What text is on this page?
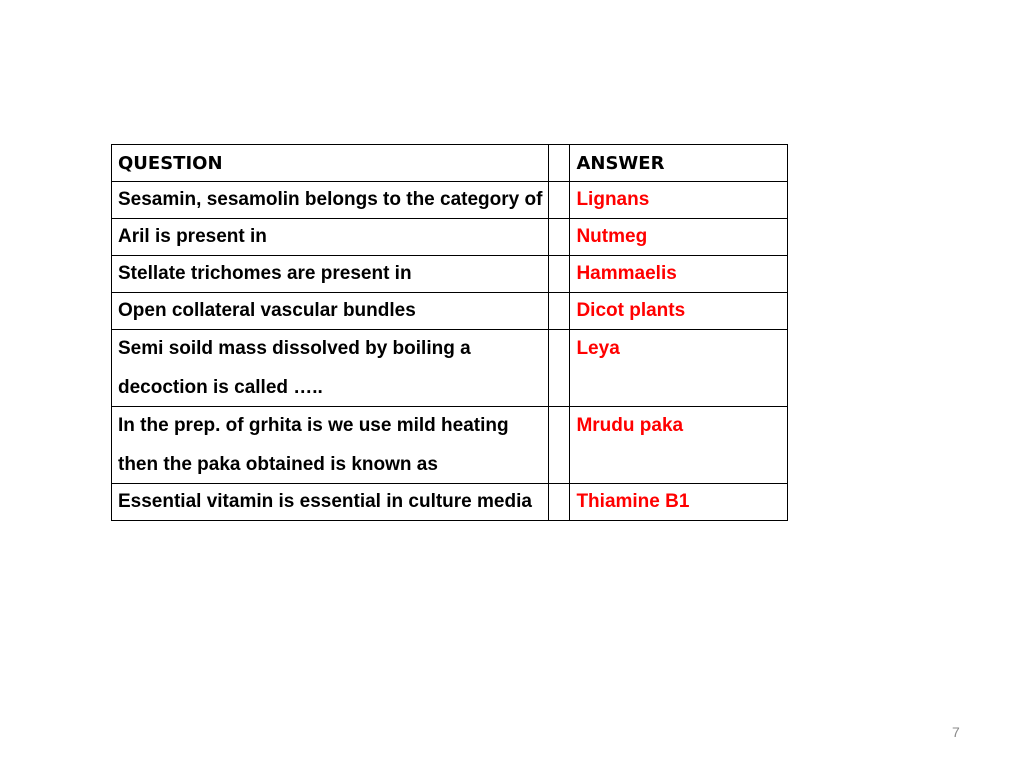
QUESTION		ANSWER
Sesamin, sesamolin belongs to the category of		Lignans
Aril is present in		Nutmeg
Stellate trichomes are present in		Hammaelis
Open collateral vascular bundles		Dicot plants

Semi soild mass dissolved by boiling a
decoction is called …..		Leya

In the prep. of grhita is we use mild heating
then the paka obtained is known as		Mrudu paka
Essential vitamin is essential in culture media		Thiamine B1
7
